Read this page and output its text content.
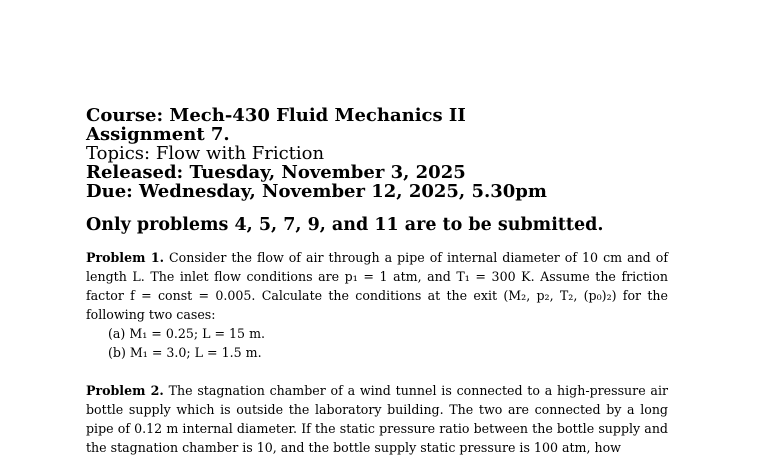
Course: Mech-430 Fluid Mechanics II
Assignment 7.
Topics: Flow with Friction
Released: Tuesday, November 3, 2025
Due: Wednesday, November 12, 2025, 5.30pm
Only problems 4, 5, 7, 9, and 11 are to be submitted.
Problem 1. Consider the flow of air through a pipe of internal diameter of 10 cm and of length L. The inlet flow conditions are p₁ = 1 atm, and T₁ = 300 K. Assume the friction factor f = const = 0.005. Calculate the conditions at the exit (M₂, p₂, T₂, (p₀)₂) for the following two cases:
(a) M₁ = 0.25; L = 15 m.
(b) M₁ = 3.0; L = 1.5 m.
Problem 2. The stagnation chamber of a wind tunnel is connected to a high-pressure air bottle supply which is outside the laboratory building. The two are connected by a long pipe of 0.12 m internal diameter. If the static pressure ratio between the bottle supply and the stagnation chamber is 10, and the bottle supply static pressure is 100 atm, how
